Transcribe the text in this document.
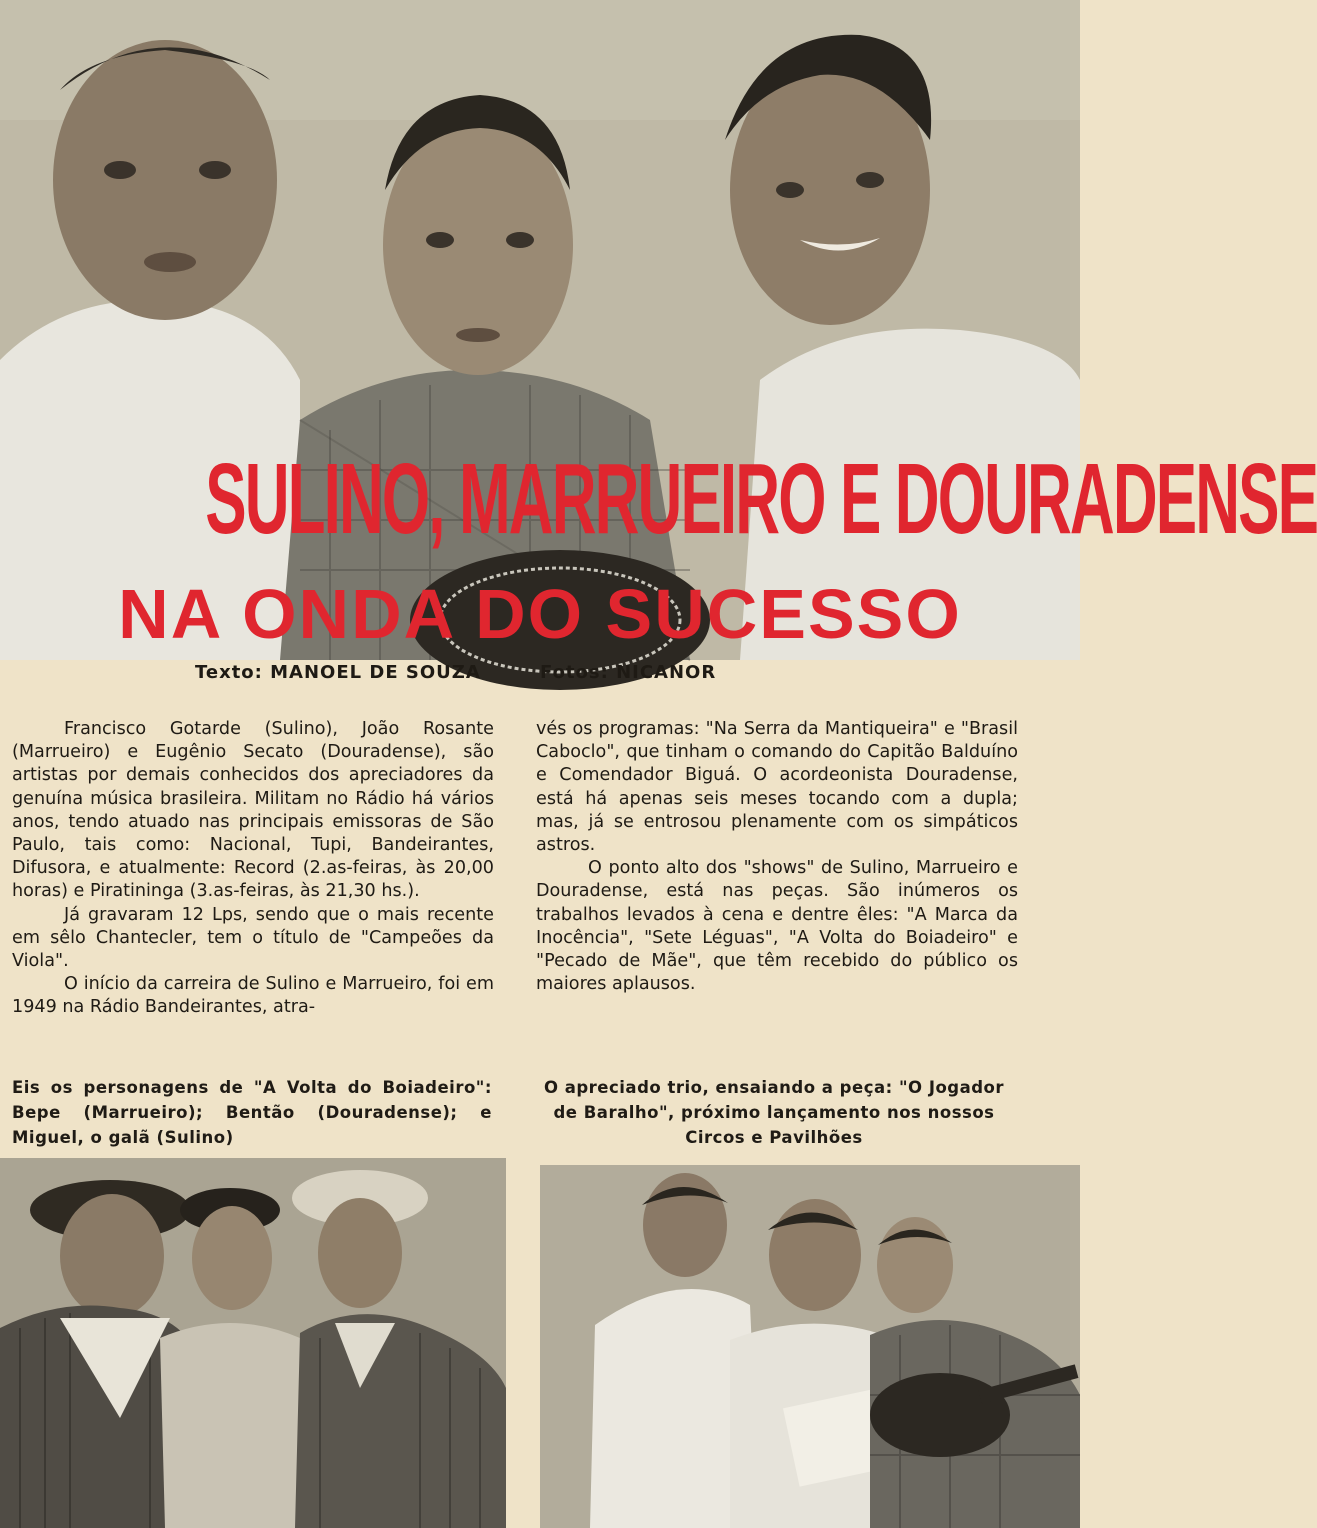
SULINO, MARRUEIRO E DOURADENSE
NA ONDA DO SUCESSO
Texto: MANOEL DE SOUZA	Fotos: NICANOR

Francisco Gotarde (Sulino), João Rosante (Marrueiro) e Eugênio Secato (Douradense), são artistas por demais conhecidos dos apreciadores da genuína música brasileira. Militam no Rádio há vários anos, tendo atuado nas principais emissoras de São Paulo, tais como: Nacional, Tupi, Bandeirantes, Difusora, e atualmente: Record (2.as-feiras, às 20,00 horas) e Piratininga (3.as-feiras, às 21,30 hs.).

Já gravaram 12 Lps, sendo que o mais recente em sêlo Chantecler, tem o título de "Campeões da Viola".

O início da carreira de Sulino e Marrueiro, foi em 1949 na Rádio Bandeirantes, atra-

vés os programas: "Na Serra da Mantiqueira" e "Brasil Caboclo", que tinham o comando do Capitão Balduíno e Comendador Biguá. O acordeonista Douradense, está há apenas seis meses tocando com a dupla; mas, já se entrosou plenamente com os simpáticos astros.

O ponto alto dos "shows" de Sulino, Marrueiro e Douradense, está nas peças. São inúmeros os trabalhos levados à cena e dentre êles: "A Marca da Inocência", "Sete Léguas", "A Volta do Boiadeiro" e "Pecado de Mãe", que têm recebido do público os maiores aplausos.

Eis os personagens de "A Volta do Boiadeiro": Bepe (Marrueiro); Bentão (Douradense); e Miguel, o galã (Sulino)
O apreciado trio, ensaiando a peça: "O Jogador de Baralho", próximo lançamento nos nossos Circos e Pavilhões
